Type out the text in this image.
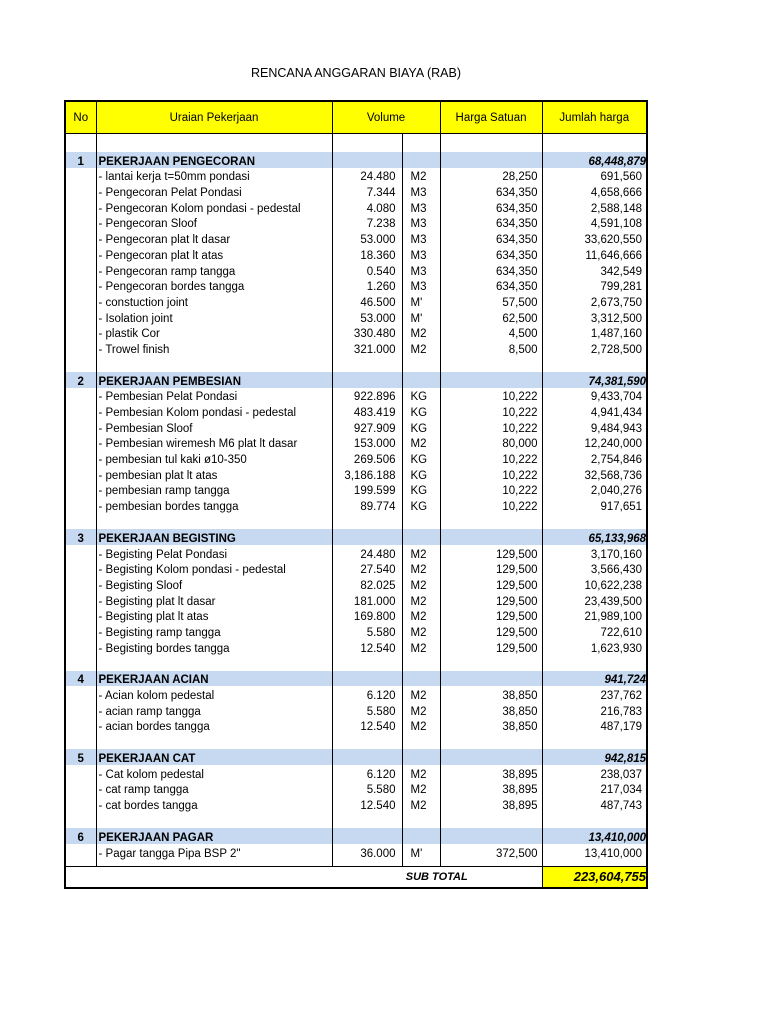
RENCANA ANGGARAN BIAYA (RAB)
No	Uraian Pekerjaan	Volume		Harga Satuan	Jumlah harga

1	PEKERJAAN PENGECORAN				68,448,879
	- lantai kerja t=50mm pondasi	24.480	M2	28,250	691,560
	- Pengecoran Pelat Pondasi	7.344	M3	634,350	4,658,666
	- Pengecoran Kolom pondasi - pedestal	4.080	M3	634,350	2,588,148
	- Pengecoran Sloof	7.238	M3	634,350	4,591,108
	- Pengecoran plat lt dasar	53.000	M3	634,350	33,620,550
	- Pengecoran plat lt atas	18.360	M3	634,350	11,646,666
	- Pengecoran ramp tangga	0.540	M3	634,350	342,549
	- Pengecoran bordes tangga	1.260	M3	634,350	799,281
	- constuction joint	46.500	M'	57,500	2,673,750
	- Isolation joint	53.000	M'	62,500	3,312,500
	- plastik Cor	330.480	M2	4,500	1,487,160
	- Trowel finish	321.000	M2	8,500	2,728,500

2	PEKERJAAN PEMBESIAN				74,381,590
	- Pembesian Pelat Pondasi	922.896	KG	10,222	9,433,704
	- Pembesian Kolom pondasi - pedestal	483.419	KG	10,222	4,941,434
	- Pembesian Sloof	927.909	KG	10,222	9,484,943
	- Pembesian wiremesh M6 plat lt dasar	153.000	M2	80,000	12,240,000
	- pembesian tul kaki ø10-350	269.506	KG	10,222	2,754,846
	- pembesian plat lt atas	3,186.188	KG	10,222	32,568,736
	- pembesian ramp tangga	199.599	KG	10,222	2,040,276
	- pembesian bordes tangga	89.774	KG	10,222	917,651

3	PEKERJAAN BEGISTING				65,133,968
	- Begisting Pelat Pondasi	24.480	M2	129,500	3,170,160
	- Begisting Kolom pondasi - pedestal	27.540	M2	129,500	3,566,430
	- Begisting Sloof	82.025	M2	129,500	10,622,238
	- Begisting plat lt dasar	181.000	M2	129,500	23,439,500
	- Begisting plat lt atas	169.800	M2	129,500	21,989,100
	- Begisting ramp tangga	5.580	M2	129,500	722,610
	- Begisting bordes tangga	12.540	M2	129,500	1,623,930

4	PEKERJAAN ACIAN				941,724
	- Acian kolom pedestal	6.120	M2	38,850	237,762
	- acian ramp tangga	5.580	M2	38,850	216,783
	- acian bordes tangga	12.540	M2	38,850	487,179

5	PEKERJAAN CAT				942,815
	- Cat kolom pedestal	6.120	M2	38,895	238,037
	- cat ramp tangga	5.580	M2	38,895	217,034
	- cat bordes tangga	12.540	M2	38,895	487,743

6	PEKERJAAN PAGAR				13,410,000
	- Pagar tangga Pipa BSP 2"	36.000	M'	372,500	13,410,000

		SUB TOTAL			223,604,755
